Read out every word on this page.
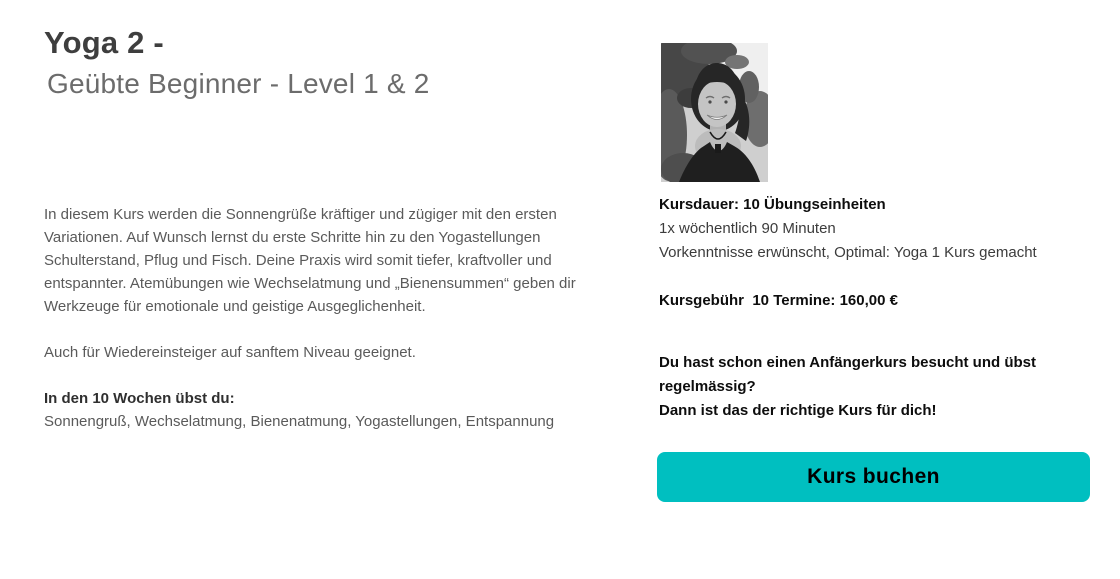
Yoga 2 -
Geübte Beginner - Level 1 & 2

In diesem Kurs werden die Sonnengrüße kräftiger und zügiger mit den ersten Variationen. Auf Wunsch lernst du erste Schritte hin zu den Yogastellungen Schulterstand, Pflug und Fisch. Deine Praxis wird somit tiefer, kraftvoller und entspannter. Atemübungen wie Wechselatmung und „Bienensummen“ geben dir Werkzeuge für emotionale und geistige Ausgeglichenheit.

Auch für Wiedereinsteiger auf sanftem Niveau geeignet.

In den 10 Wochen übst du:

Sonnengruß, Wechselatmung, Bienenatmung, Yogastellungen, Entspannung

Kursdauer: 10 Übungseinheiten

1x wöchentlich 90 Minuten

Vorkenntnisse erwünscht, Optimal: Yoga 1 Kurs gemacht

Kursgebühr  10 Termine: 160,00 €

Du hast schon einen Anfängerkurs besucht und übst regelmässig?

Dann ist das der richtige Kurs für dich!

Kurs buchen
